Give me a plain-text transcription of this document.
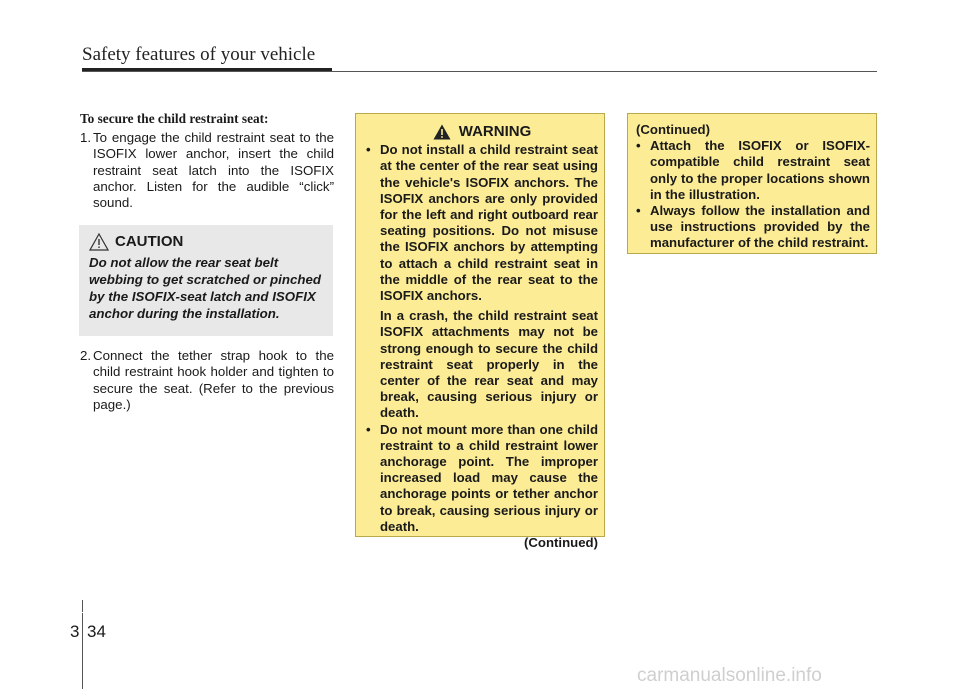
Safety features of your vehicle
To secure the child restraint seat:
1. To engage the child restraint seat to the ISOFIX lower anchor, insert the child restraint seat latch into the ISOFIX anchor. Listen for the audible “click” sound.
CAUTION
Do not allow the rear seat belt webbing to get scratched or pinched by the ISOFIX-seat latch and ISOFIX anchor during the installation.
2. Connect the tether strap hook to the child restraint hook holder and tighten to secure the seat. (Refer to the previous page.)
WARNING
• Do not install a child restraint seat at the center of the rear seat using the vehicle's ISOFIX anchors. The ISOFIX anchors are only provided for the left and right outboard rear seating positions. Do not misuse the ISOFIX anchors by attempting to attach a child restraint seat in the middle of the rear seat to the ISOFIX anchors.
In a crash, the child restraint seat ISOFIX attachments may not be strong enough to secure the child restraint seat properly in the center of the rear seat and may break, causing serious injury or death.
• Do not mount more than one child restraint to a child restraint lower anchorage point. The improper increased load may cause the anchorage points or tether anchor to break, causing serious injury or death.
(Continued)
(Continued)
• Attach the ISOFIX or ISOFIX-compatible child restraint seat only to the proper locations shown in the illustration.
• Always follow the installation and use instructions provided by the manufacturer of the child restraint.
3 34
carmanualsonline.info
